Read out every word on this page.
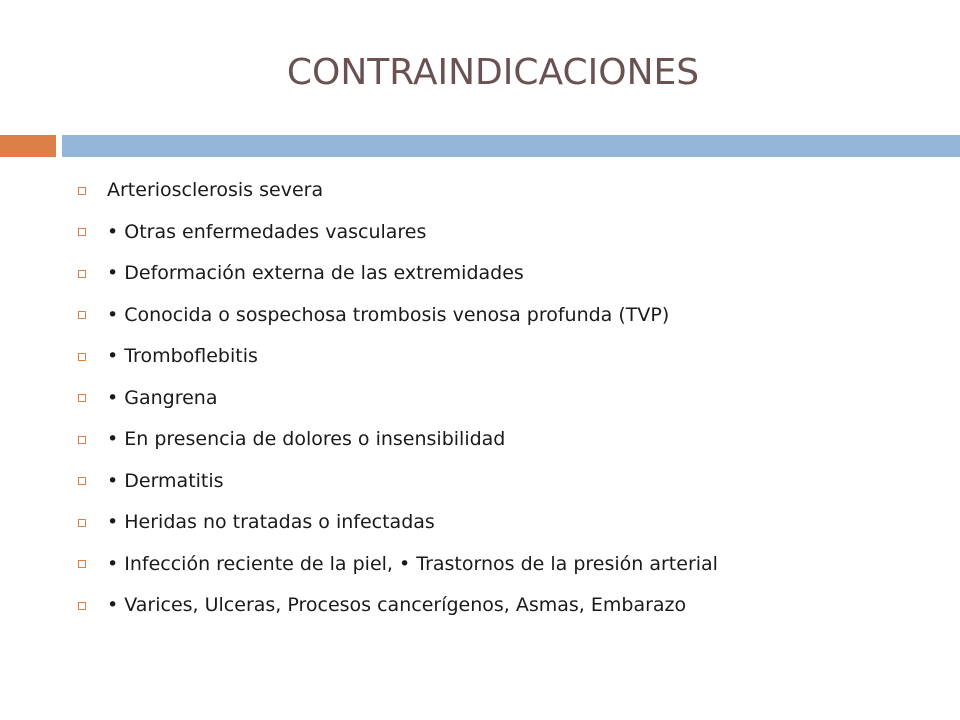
CONTRAINDICACIONES
Arteriosclerosis severa
• Otras enfermedades vasculares
• Deformación externa de las extremidades
• Conocida o sospechosa trombosis venosa profunda (TVP)
• Tromboflebitis
• Gangrena
• En presencia de dolores o insensibilidad
• Dermatitis
• Heridas no tratadas o infectadas
• Infección reciente de la piel, • Trastornos de la presión arterial
• Varices, Ulceras, Procesos cancerígenos, Asmas, Embarazo
